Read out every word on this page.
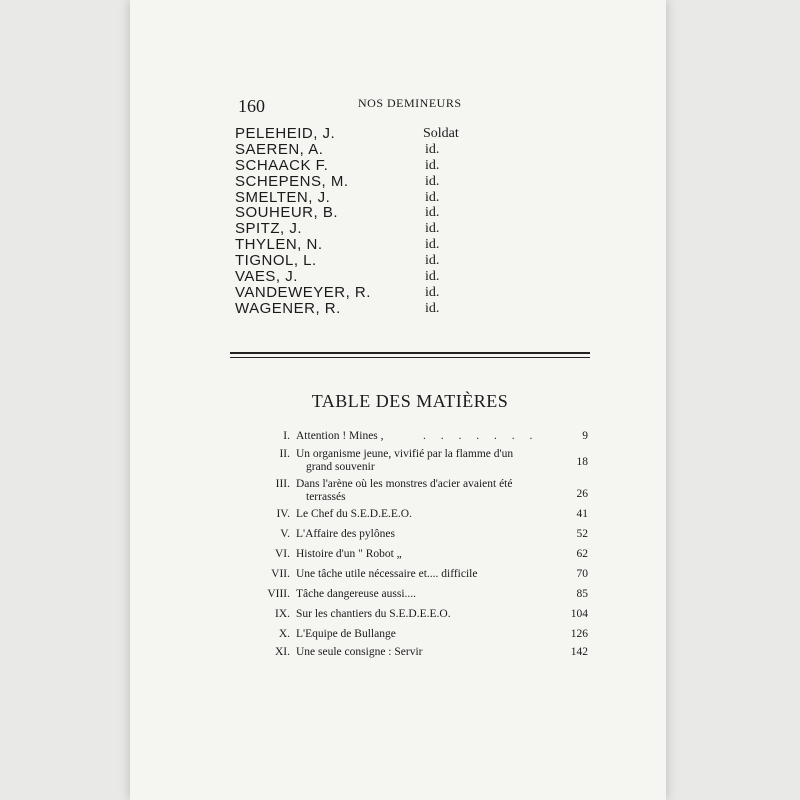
160	NOS DEMINEURS
PELEHEID, J.	Soldat
SAEREN, A.	id.
SCHAACK F.	id.
SCHEPENS, M.	id.
SMELTEN, J.	id.
SOUHEUR, B.	id.
SPITZ, J.	id.
THYLEN, N.	id.
TIGNOL, L.	id.
VAES, J.	id.
VANDEWEYER, R.	id.
WAGENER, R.	id.
TABLE DES MATIÈRES
I. Attention ! Mines ,	. . . . . . .	9
II. Un organisme jeune, vivifié par la flamme d'un
grand souvenir	18
III. Dans l'arène où les monstres d'acier avaient été
terrassés	26
IV. Le Chef du S.E.D.E.E.O.	41
V. L'Affaire des pylônes	52
VI. Histoire d'un " Robot „	62
VII. Une tâche utile nécessaire et.... difficile	70
VIII. Tâche dangereuse aussi....	85
IX. Sur les chantiers du S.E.D.E.E.O.	104
X. L'Equipe de Bullange	126
XI. Une seule consigne : Servir	142
